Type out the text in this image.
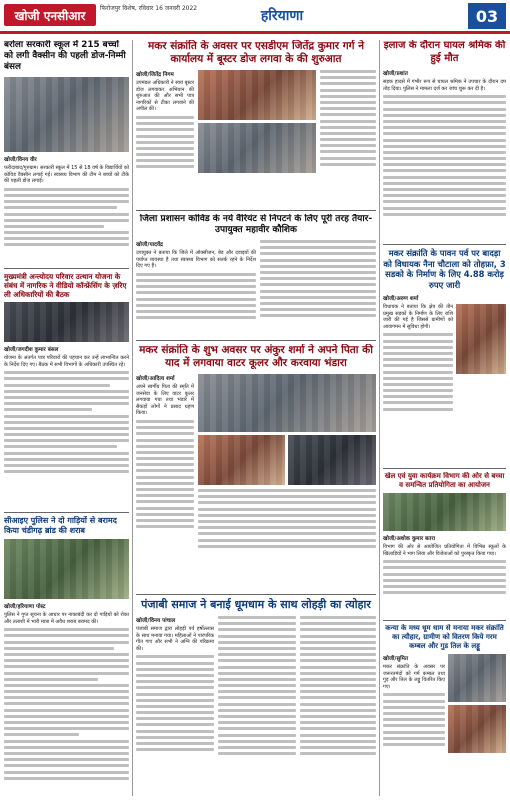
खोजी एनसीआर	फिरोजपुर विशेष, रविवार 16 जनवरी 2022	हरियाणा	03
बरोला सरकारी स्कूल में 215 बच्चों को लगी वैक्सीन की पहली डोज-निम्मी बंसल
खोजी/विनय वीर

फरीदाबाद/गुरुग्राम। सरकारी स्कूल में 15 से 18 वर्ष के विद्यार्थियों को कोविड वैक्सीन लगाई गई। स्वास्थ्य विभाग की टीम ने बच्चों को टीके की पहली डोज लगाई।

मुख्यमंत्री अन्त्योदय परिवार उत्थान योजना के संबंध में नागरिक ने वीडियो कॉन्फ्रेंसिंग के ज़रिए ली अधिकारियों की बैठक
खोजी/जगदीश कुमार बंसल

योजना के अंतर्गत पात्र परिवारों की पहचान कर उन्हें लाभान्वित करने के निर्देश दिए गए। बैठक में सभी विभागों के अधिकारी उपस्थित रहे।

सीआइए पुलिस ने दो गाड़ियों से बरामद किया चंडीगढ़ ब्रांड की शराब
खोजी/हरियाणा पोस्ट

पुलिस ने गुप्त सूचना के आधार पर नाकाबंदी कर दो गाड़ियों को रोका और तलाशी में भारी मात्रा में अवैध शराब बरामद की।

मकर संक्रांति के अवसर पर एसडीएम जितेंद्र कुमार गर्ग ने कार्यालय में बूस्टर डोज लगवा के की शुरुआत
खोजी/जितेंद्र निगम

उपमंडल अधिकारी ने स्वयं बूस्टर डोज लगवाकर अभियान की शुरुआत की और सभी पात्र नागरिकों से टीका लगवाने की अपील की।

जिला प्रशासन कोविड के नये वैरियंट से निपटने के लिए पूरी तरह तैयार-उपायुक्त महावीर कौशिक
खोजी/यादवेंद्र

उपायुक्त ने बताया कि जिले में ऑक्सीजन, बेड और दवाइयों की पर्याप्त व्यवस्था है तथा स्वास्थ्य विभाग को सतर्क रहने के निर्देश दिए गए हैं।

मकर संक्रांति के शुभ अवसर पर अंकुर शर्मा ने अपने पिता की याद में लगवाया वाटर कूलर और करवाया भंडारा
खोजी/आदित्य शर्मा

अपने स्वर्गीय पिता की स्मृति में जनसेवा के लिए वाटर कूलर लगवाया गया तथा भंडारे में सैकड़ों लोगों ने प्रसाद ग्रहण किया।

पंजाबी समाज ने बनाई धूमधाम के साथ लोहड़ी का त्योहार
खोजी/विनय पांचाल

पंजाबी समाज द्वारा लोहड़ी पर्व हर्षोल्लास के साथ मनाया गया। महिलाओं ने पारंपरिक गीत गाए और सभी ने अग्नि की परिक्रमा की।

इलाज के दौरान घायल श्रमिक की हुई मौत
खोजी/प्रशांत

सड़क हादसे में गंभीर रूप से घायल श्रमिक ने उपचार के दौरान दम तोड़ दिया। पुलिस ने मामला दर्ज कर जांच शुरू कर दी है।

मकर संक्रांति के पावन पर्व पर बादड़ा को विधायक नैना चौटाला को तोहफ़ा, 3 सडको के निर्माण के लिए 4.88 करोड़ रुपए जारी
खोजी/अरुण शर्मा

विधायक ने बताया कि क्षेत्र की तीन प्रमुख सड़कों के निर्माण के लिए राशि जारी की गई है जिससे ग्रामीणों को आवागमन में सुविधा होगी।

खेल एवं युवा कार्यक्रम विभाग की ओर से बच्चा व समन्वित प्रतियोगिता का आयोजन
खोजी/अशोक कुमार बतरा

विभाग की ओर से आयोजित प्रतियोगिता में विभिन्न स्कूलों के खिलाड़ियों ने भाग लिया और विजेताओं को पुरस्कृत किया गया।

कन्या के मध्य धूम धाम से मनाया मकर संक्रांति का त्यौहार, ग्रामीण को वितरण किये गरम कम्बल और गुड तिल के लड्डू
खोजी/सुमित

मकर संक्रांति के अवसर पर जरूरतमंदों को गर्म कम्बल तथा गुड़ और तिल के लड्डू वितरित किए गए।
